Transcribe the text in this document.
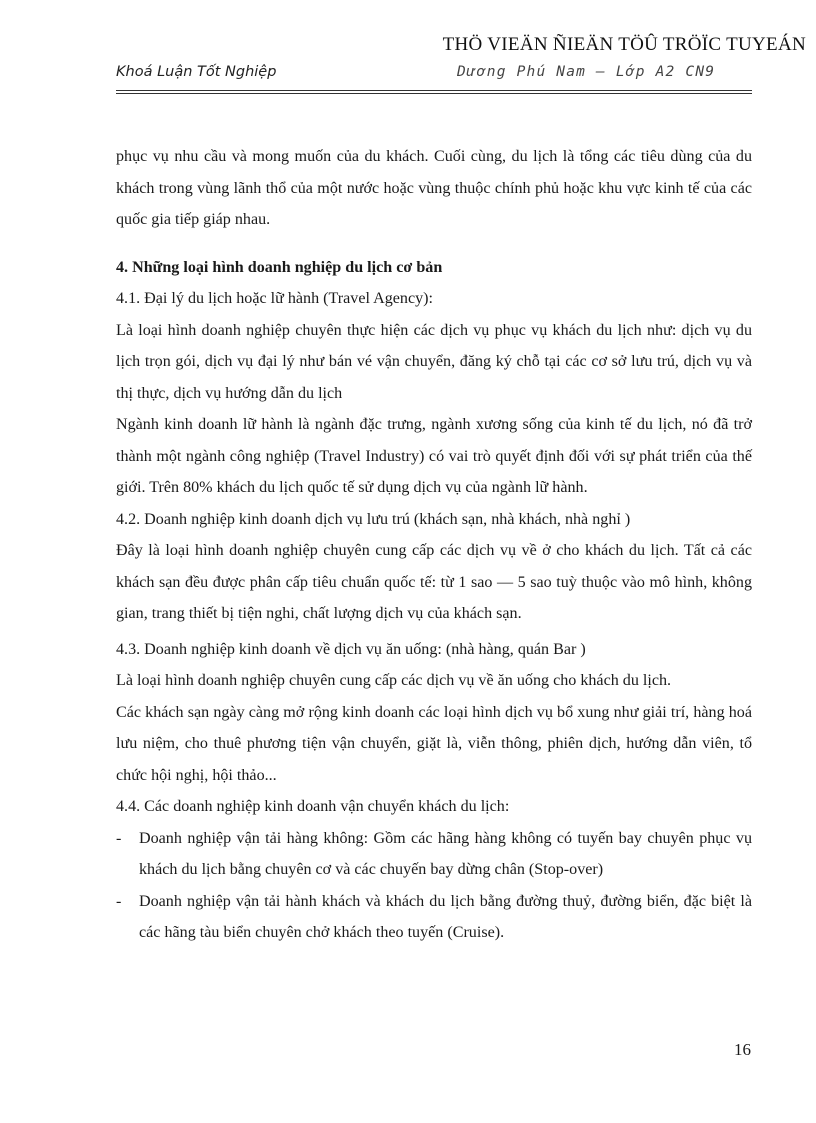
THÖ VIEÄN ÑIEÄN TÖÛ TRÖÏC TUYEÁN
Khoá Luận Tốt Nghiệp	Dương Phú Nam – Lớp A2 CN9

phục vụ nhu cầu và mong muốn của du khách. Cuối cùng, du lịch là tổng các tiêu dùng của du khách trong vùng lãnh thổ của một nước hoặc vùng thuộc chính phủ hoặc khu vực kinh tế của các quốc gia tiếp giáp nhau.

4. Những loại hình doanh nghiệp du lịch cơ bản

4.1. Đại lý du lịch hoặc lữ hành (Travel Agency):

Là loại hình doanh nghiệp chuyên thực hiện các dịch vụ phục vụ khách du lịch như: dịch vụ du lịch trọn gói, dịch vụ đại lý như bán vé vận chuyển, đăng ký chỗ tại các cơ sở lưu trú, dịch vụ và thị thực, dịch vụ hướng dẫn du lịch

Ngành kinh doanh lữ hành là ngành đặc trưng, ngành xương sống của kinh tế du lịch, nó đã trở thành một ngành công nghiệp (Travel Industry) có vai trò quyết định đối với sự phát triển của thế giới. Trên 80% khách du lịch quốc tế sử dụng dịch vụ của ngành lữ hành.

4.2. Doanh nghiệp kinh doanh dịch vụ lưu trú (khách sạn, nhà khách, nhà nghỉ )

Đây là loại hình doanh nghiệp chuyên cung cấp các dịch vụ về ở cho khách du lịch. Tất cả các khách sạn đều được phân cấp tiêu chuẩn quốc tế: từ 1 sao — 5 sao tuỳ thuộc vào mô hình, không gian, trang thiết bị tiện nghi, chất lượng dịch vụ của khách sạn.

4.3. Doanh nghiệp kinh doanh về dịch vụ ăn uống: (nhà hàng, quán Bar )

Là loại hình doanh nghiệp chuyên cung cấp các dịch vụ về ăn uống cho khách du lịch.

Các khách sạn ngày càng mở rộng kinh doanh các loại hình dịch vụ bổ xung như giải trí, hàng hoá lưu niệm, cho thuê phương tiện vận chuyển, giặt là, viễn thông, phiên dịch, hướng dẫn viên, tổ chức hội nghị, hội thảo...

4.4. Các doanh nghiệp kinh doanh vận chuyển khách du lịch:

-	Doanh nghiệp vận tải hàng không: Gồm các hãng hàng không có tuyến bay chuyên phục vụ khách du lịch bằng chuyên cơ và các chuyến bay dừng chân (Stop-over)
-	Doanh nghiệp vận tải hành khách và khách du lịch bằng đường thuỷ, đường biển, đặc biệt là các hãng tàu biển chuyên chở khách theo tuyến (Cruise).
16
